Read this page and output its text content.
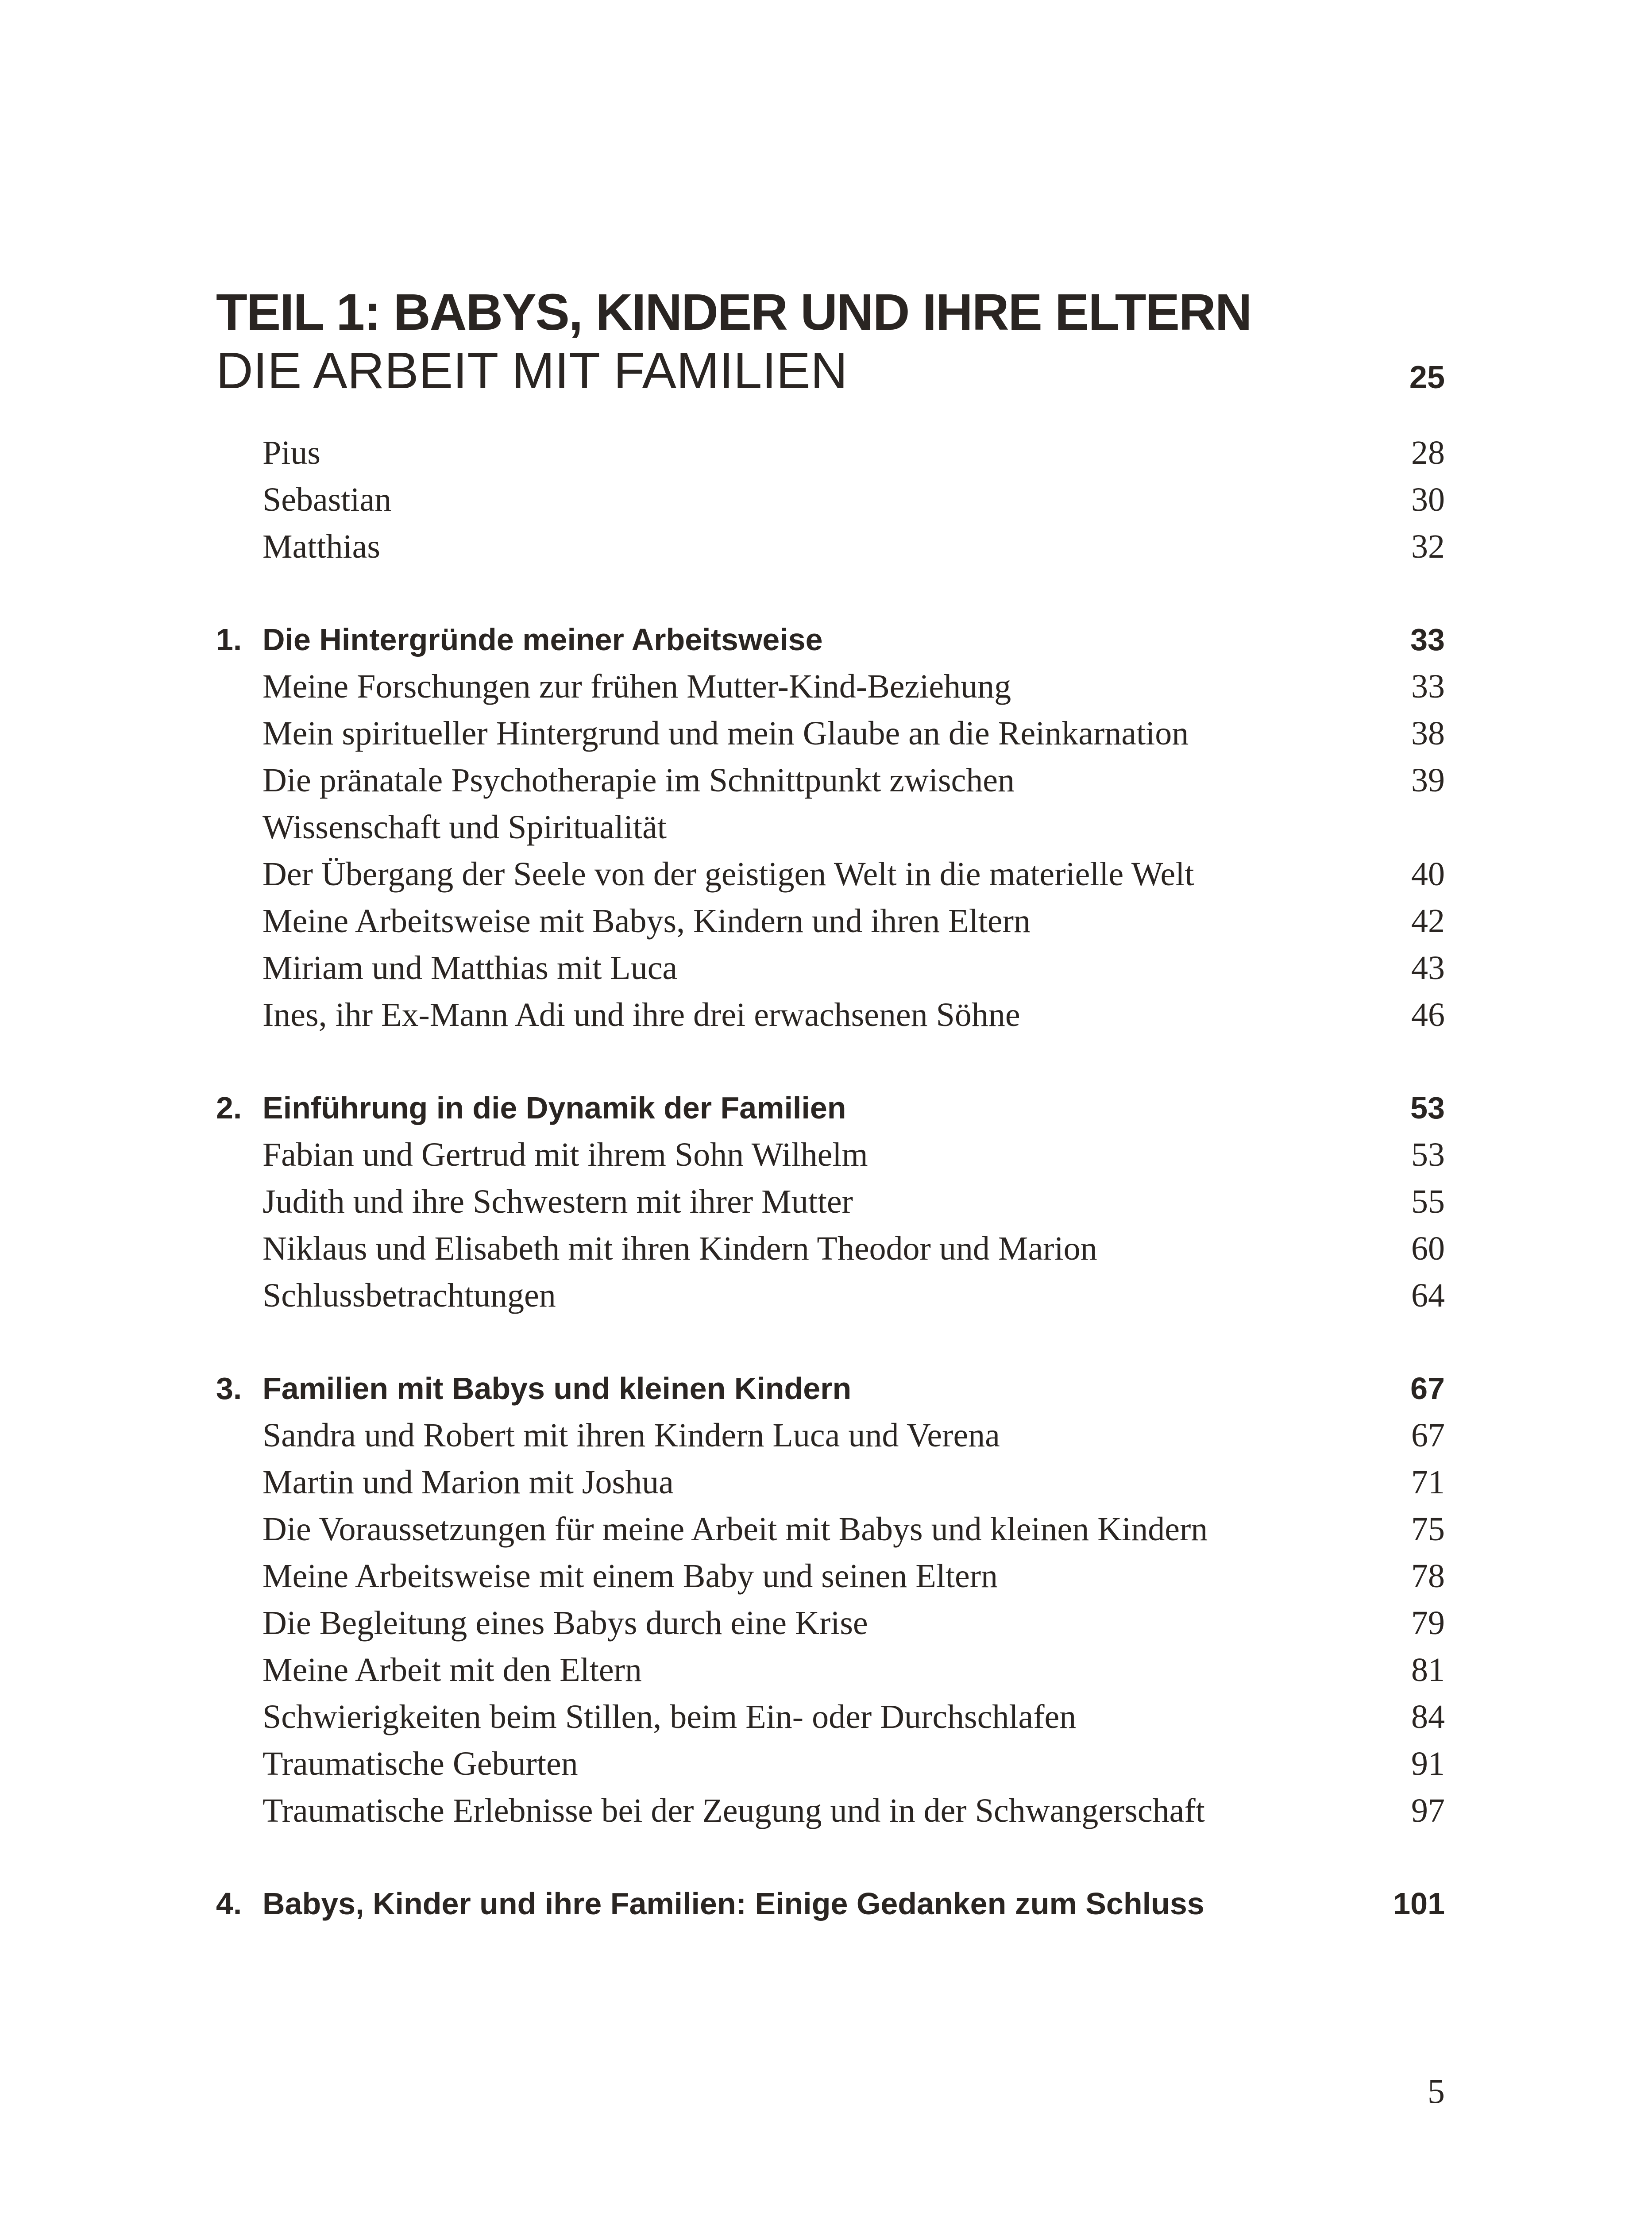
TEIL 1: BABYS, KINDER UND IHRE ELTERN
DIE ARBEIT MIT FAMILIEN	25
Pius	28
Sebastian	30
Matthias	32
1. Die Hintergründe meiner Arbeitsweise	33
Meine Forschungen zur frühen Mutter-Kind-Beziehung	33
Mein spiritueller Hintergrund und mein Glaube an die Reinkarnation	38
Die pränatale Psychotherapie im Schnittpunkt zwischen	39
Wissenschaft und Spiritualität
Der Übergang der Seele von der geistigen Welt in die materielle Welt	40
Meine Arbeitsweise mit Babys, Kindern und ihren Eltern	42
Miriam und Matthias mit Luca	43
Ines, ihr Ex-Mann Adi und ihre drei erwachsenen Söhne	46
2. Einführung in die Dynamik der Familien	53
Fabian und Gertrud mit ihrem Sohn Wilhelm	53
Judith und ihre Schwestern mit ihrer Mutter	55
Niklaus und Elisabeth mit ihren Kindern Theodor und Marion	60
Schlussbetrachtungen	64
3. Familien mit Babys und kleinen Kindern	67
Sandra und Robert mit ihren Kindern Luca und Verena	67
Martin und Marion mit Joshua	71
Die Voraussetzungen für meine Arbeit mit Babys und kleinen Kindern	75
Meine Arbeitsweise mit einem Baby und seinen Eltern	78
Die Begleitung eines Babys durch eine Krise	79
Meine Arbeit mit den Eltern	81
Schwierigkeiten beim Stillen, beim Ein- oder Durchschlafen	84
Traumatische Geburten	91
Traumatische Erlebnisse bei der Zeugung und in der Schwangerschaft	97
4. Babys, Kinder und ihre Familien: Einige Gedanken zum Schluss	101
5
